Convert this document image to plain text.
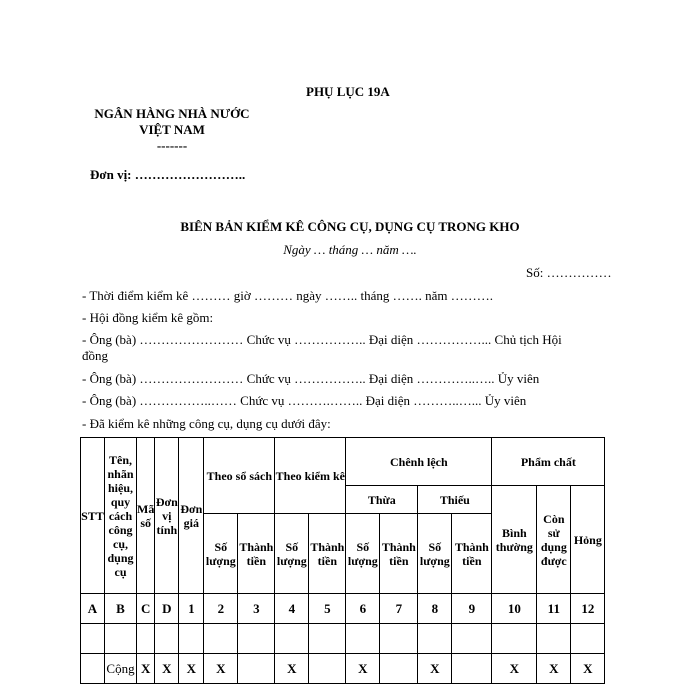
PHỤ LỤC 19A
NGÂN HÀNG NHÀ NƯỚC
VIỆT NAM
-------
Đơn vị: ……………………..
BIÊN BẢN KIỂM KÊ CÔNG CỤ, DỤNG CỤ TRONG KHO
Ngày … tháng … năm ….
Số: ……………
- Thời điểm kiểm kê ……… giờ ……… ngày …….. tháng ……. năm ……….
- Hội đồng kiểm kê gồm:
- Ông (bà) …………………… Chức vụ …………….. Đại diện ……………... Chủ tịch Hội
đồng
- Ông (bà) …………………… Chức vụ …………….. Đại diện …………..….. Ủy viên
- Ông (bà) ……………..…… Chức vụ ……….…….. Đại diện ………..…... Ủy viên
- Đã kiểm kê những công cụ, dụng cụ dưới đây:
STT	Tên, nhãn hiệu, quy cách công cụ, dụng cụ	Mã số	Đơn vị tính	Đơn giá	Theo sổ sách		Theo kiểm kê		Chênh lệch				Phẩm chất		
									Thừa		Thiếu		Bình thường	Còn sử dụng được	Hỏng
					Số lượng	Thành tiền	Số lượng	Thành tiền	Số lượng	Thành tiền	Số lượng	Thành tiền			
A	B	C	D	1	2	3	4	5	6	7	8	9	10	11	12

	Cộng	X	X	X	X		X		X		X		X	X	X
